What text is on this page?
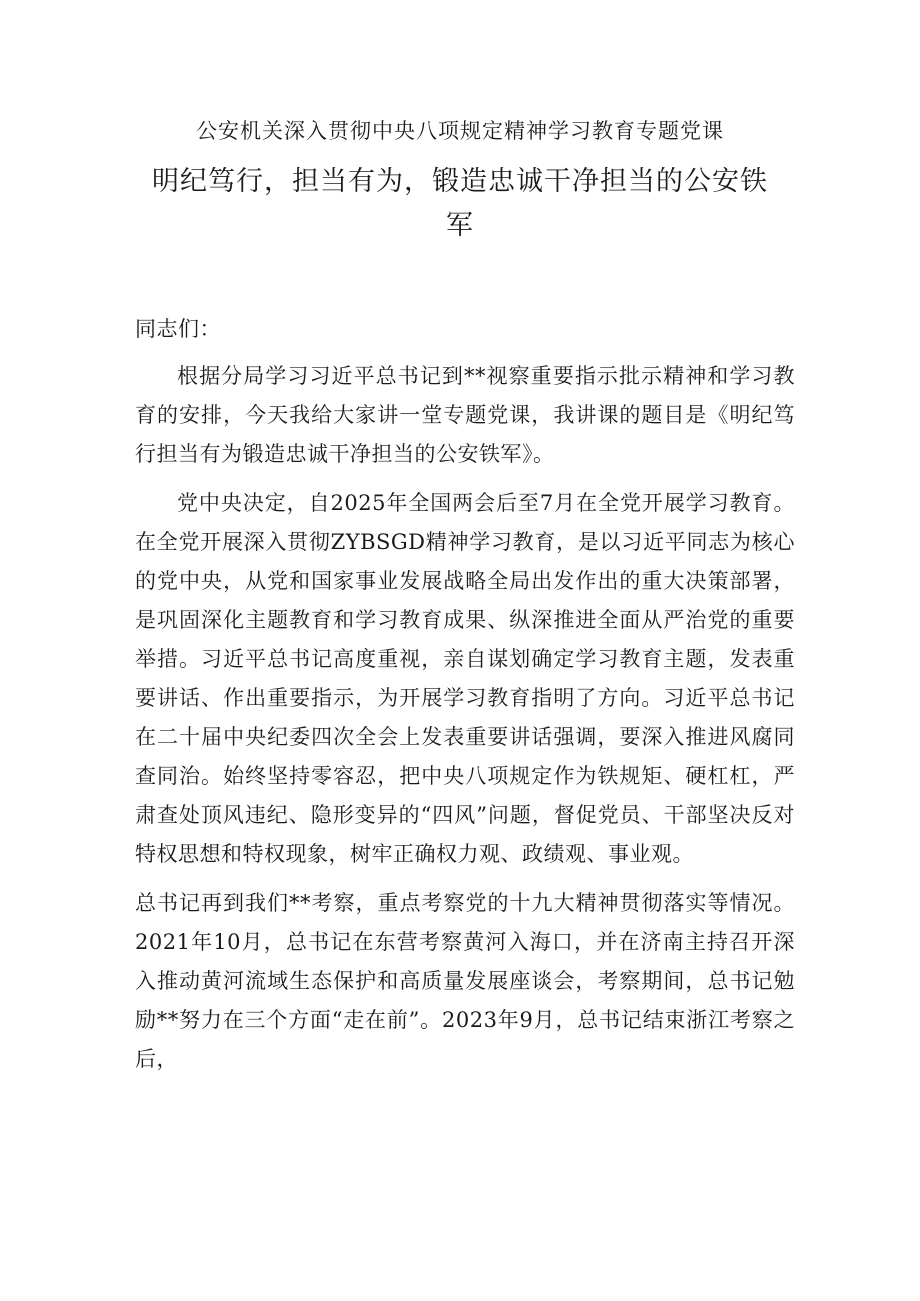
公安机关深入贯彻中央八项规定精神学习教育专题党课
明纪笃行，担当有为，锻造忠诚干净担当的公安铁军

同志们：

根据分局学习习近平总书记到**视察重要指示批示精神和学习教育的安排，今天我给大家讲一堂专题党课，我讲课的题目是《明纪笃行担当有为锻造忠诚干净担当的公安铁军》。

党中央决定，自2025年全国两会后至7月在全党开展学习教育。在全党开展深入贯彻ZYBSGD精神学习教育，是以习近平同志为核心的党中央，从党和国家事业发展战略全局出发作出的重大决策部署，是巩固深化主题教育和学习教育成果、纵深推进全面从严治党的重要举措。习近平总书记高度重视，亲自谋划确定学习教育主题，发表重要讲话、作出重要指示，为开展学习教育指明了方向。习近平总书记在二十届中央纪委四次全会上发表重要讲话强调，要深入推进风腐同查同治。始终坚持零容忍，把中央八项规定作为铁规矩、硬杠杠，严肃查处顶风违纪、隐形变异的“四风”问题，督促党员、干部坚决反对特权思想和特权现象，树牢正确权力观、政绩观、事业观。

总书记再到我们**考察，重点考察党的十九大精神贯彻落实等情况。2021年10月，总书记在东营考察黄河入海口，并在济南主持召开深入推动黄河流域生态保护和高质量发展座谈会，考察期间，总书记勉励**努力在三个方面“走在前”。2023年9月，总书记结束浙江考察之后，
